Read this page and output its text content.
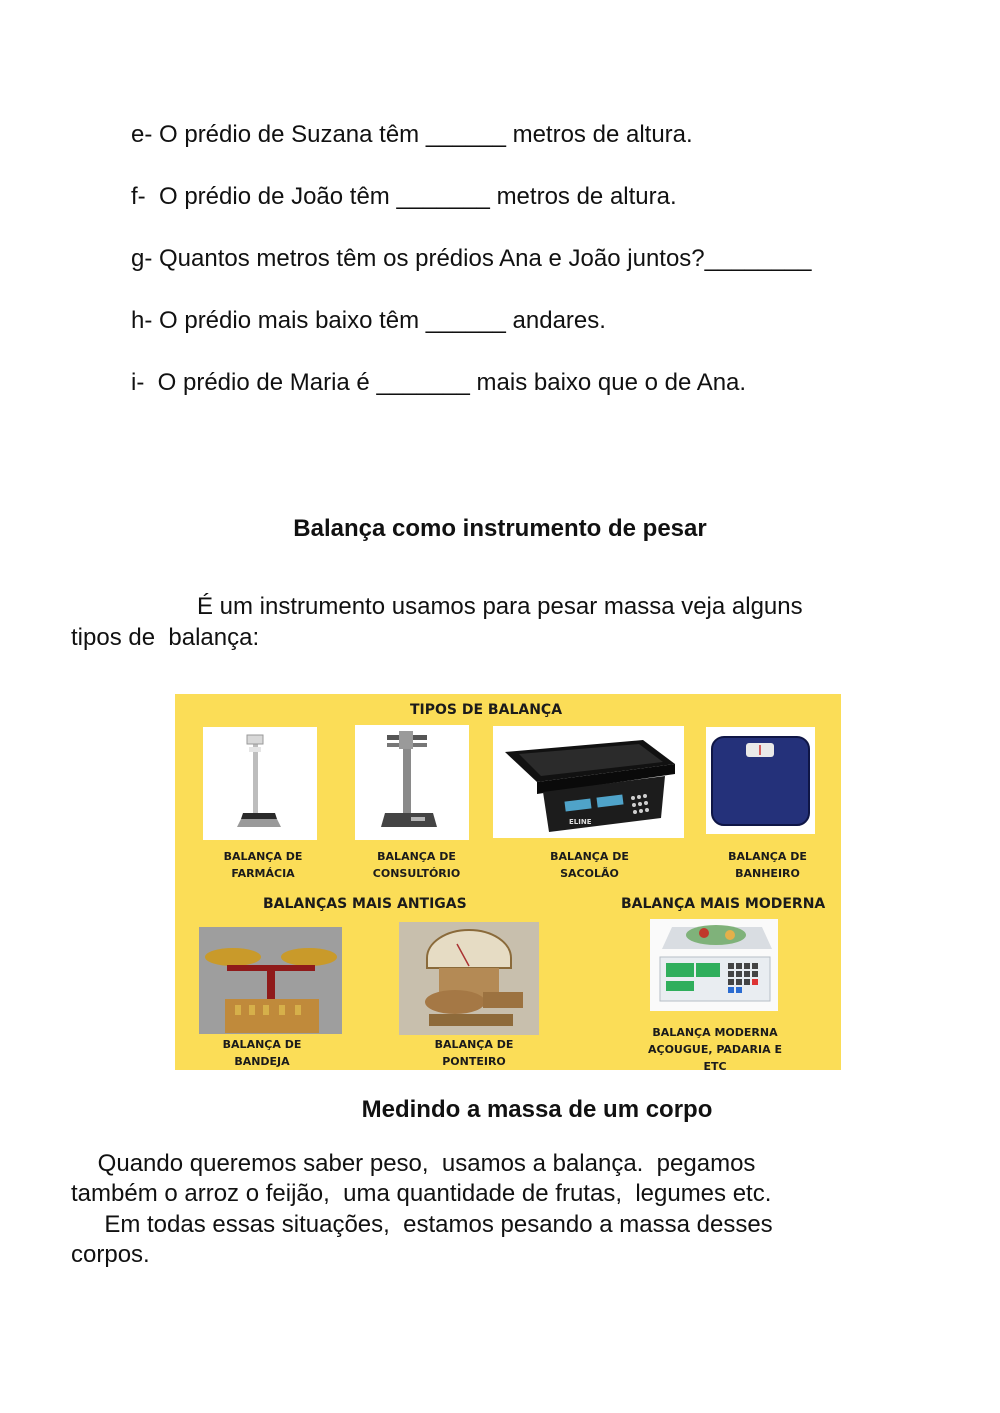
e- O prédio de Suzana têm ______ metros de altura.
f-  O prédio de João têm _______ metros de altura.
g- Quantos metros têm os prédios Ana e João juntos?________
h- O prédio mais baixo têm ______ andares.
i-  O prédio de Maria é _______ mais baixo que o de Ana.
Balança como instrumento de pesar
É um instrumento usamos para pesar massa veja alguns
tipos de  balança:
TIPOS DE BALANÇA
BALANÇA DE
FARMÁCIA
BALANÇA DE
CONSULTÓRIO
ELINE
BALANÇA DE
SACOLÃO
BALANÇA DE
BANHEIRO
BALANÇAS MAIS ANTIGAS	BALANÇA MAIS MODERNA
BALANÇA DE
BANDEJA
BALANÇA DE
PONTEIRO
BALANÇA MODERNA
AÇOUGUE, PADARIA E
ETC
Medindo a massa de um corpo
Quando queremos saber peso,  usamos a balança.  pegamos
também o arroz o feijão,  uma quantidade de frutas,  legumes etc.
Em todas essas situações,  estamos pesando a massa desses
corpos.
